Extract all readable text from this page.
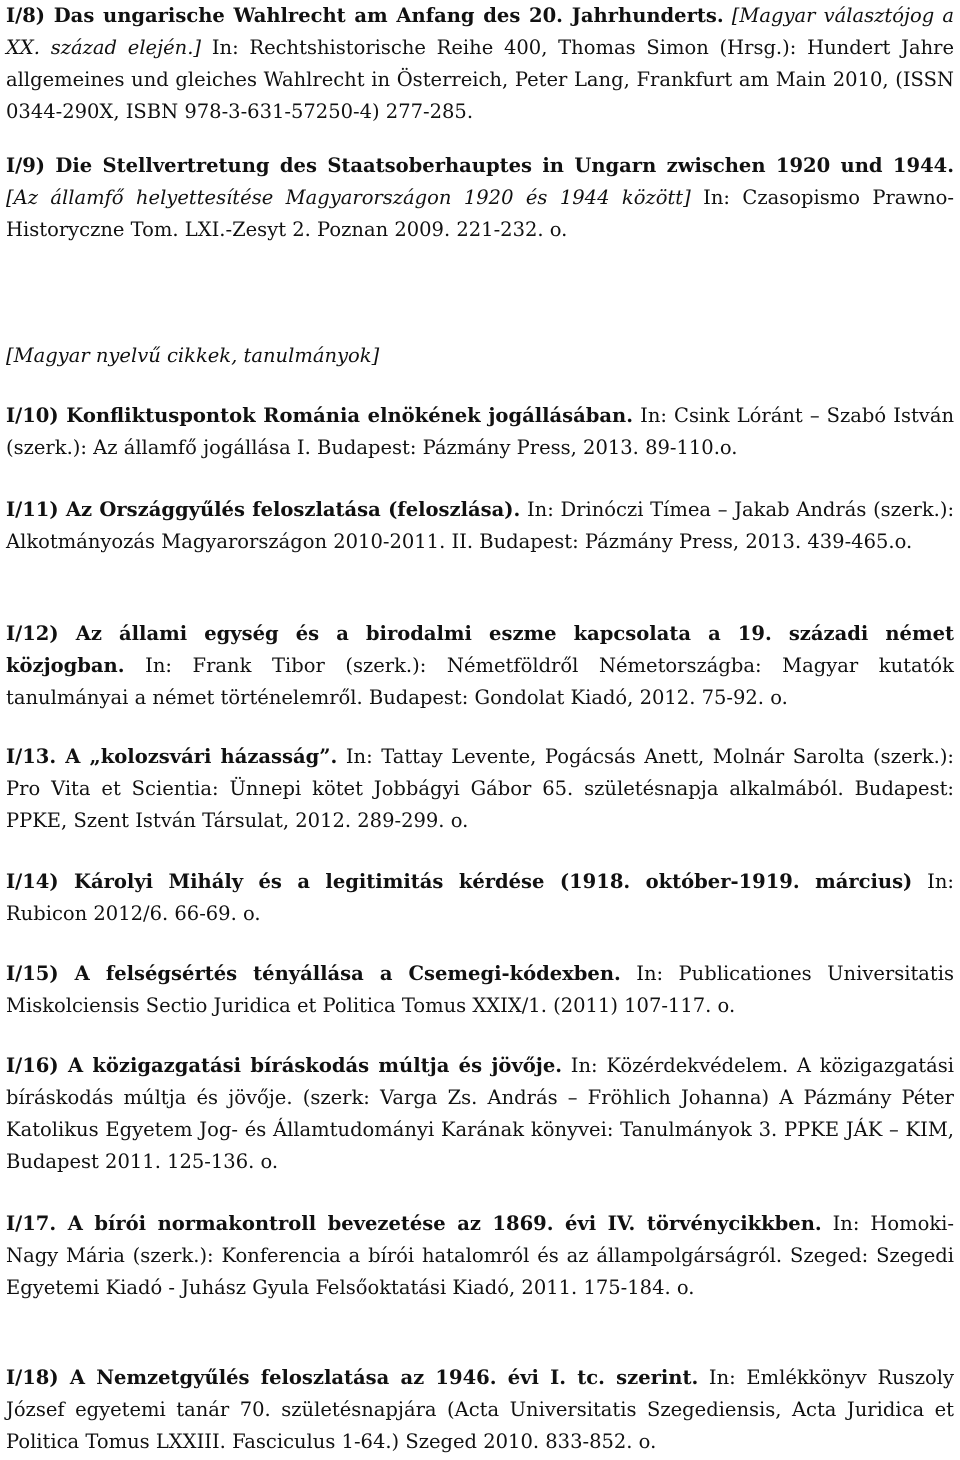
I/8) Das ungarische Wahlrecht am Anfang des 20. Jahrhunderts. [Magyar választójog a XX. század elején.] In: Rechtshistorische Reihe 400, Thomas Simon (Hrsg.): Hundert Jahre allgemeines und gleiches Wahlrecht in Österreich, Peter Lang, Frankfurt am Main 2010, (ISSN 0344-290X, ISBN 978-3-631-57250-4) 277-285.
I/9) Die Stellvertretung des Staatsoberhauptes in Ungarn zwischen 1920 und 1944. [Az államfő helyettesítése Magyarországon 1920 és 1944 között] In: Czasopismo Prawno-Historyczne Tom. LXI.-Zesyt 2. Poznan 2009. 221-232. o.
[Magyar nyelvű cikkek, tanulmányok]
I/10) Konfliktuspontok Románia elnökének jogállásában. In: Csink Lóránt – Szabó István (szerk.): Az államfő jogállása I. Budapest: Pázmány Press, 2013. 89-110.o.
I/11) Az Országgyűlés feloszlatása (feloszlása). In: Drinóczi Tímea – Jakab András (szerk.): Alkotmányozás Magyarországon 2010-2011. II. Budapest: Pázmány Press, 2013. 439-465.o.
I/12) Az állami egység és a birodalmi eszme kapcsolata a 19. századi német közjogban. In: Frank Tibor (szerk.): Németföldről Németországba: Magyar kutatók tanulmányai a német történelemről. Budapest: Gondolat Kiadó, 2012. 75-92. o.
I/13. A „kolozsvári házasság”. In: Tattay Levente, Pogácsás Anett, Molnár Sarolta (szerk.): Pro Vita et Scientia: Ünnepi kötet Jobbágyi Gábor 65. születésnapja alkalmából. Budapest: PPKE, Szent István Társulat, 2012. 289-299. o.
I/14) Károlyi Mihály és a legitimitás kérdése (1918. október-1919. március) In: Rubicon 2012/6. 66-69. o.
I/15) A felségsértés tényállása a Csemegi-kódexben. In: Publicationes Universitatis Miskolciensis Sectio Juridica et Politica Tomus XXIX/1. (2011) 107-117. o.
I/16) A közigazgatási bíráskodás múltja és jövője. In: Közérdekvédelem. A közigazgatási bíráskodás múltja és jövője. (szerk: Varga Zs. András – Fröhlich Johanna) A Pázmány Péter Katolikus Egyetem Jog- és Államtudományi Karának könyvei: Tanulmányok 3. PPKE JÁK – KIM, Budapest 2011. 125-136. o.
I/17. A bírói normakontroll bevezetése az 1869. évi IV. törvénycikkben. In: Homoki-Nagy Mária (szerk.): Konferencia a bírói hatalomról és az állampolgárságról. Szeged: Szegedi Egyetemi Kiadó - Juhász Gyula Felsőoktatási Kiadó, 2011. 175-184. o.
I/18) A Nemzetgyűlés feloszlatása az 1946. évi I. tc. szerint. In: Emlékkönyv Ruszoly József egyetemi tanár 70. születésnapjára (Acta Universitatis Szegediensis, Acta Juridica et Politica Tomus LXXIII. Fasciculus 1-64.) Szeged 2010. 833-852. o.
